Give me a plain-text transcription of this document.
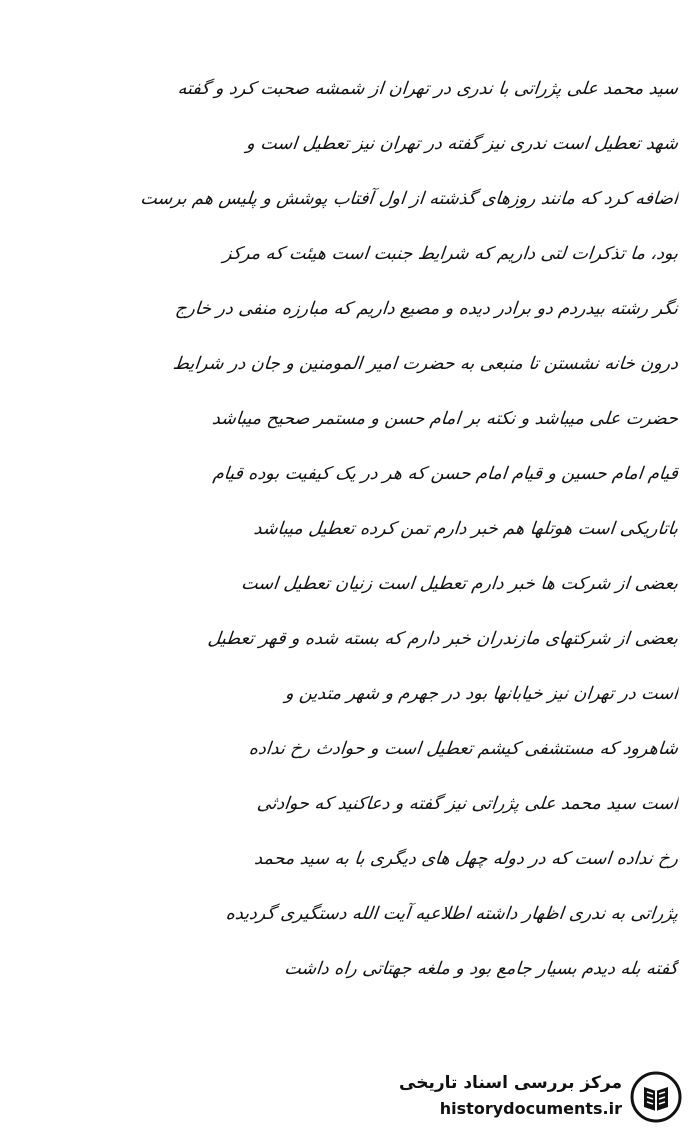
سید محمد علی پژراتی با ندری در تهران از شمشه صحبت کرد و گفته
شهد تعطیل است ندری نیز گفته در تهران نیز تعطیل است و
اضافه کرد که مانند روزهای گذشته از اول آفتاب پوشش و پلیس هم برست
بود، ما تذکرات لتی داریم که شرایط جنبت است هیئت که مرکز
نگر رشته بیدردم دو برادر دیده و مصیع داریم که مبارزه منفی در خارج
درون خانه نشستن تا منبعی به حضرت امیر المومنین و جان در شرایط
حضرت علی میباشد و نکته بر امام حسن و مستمر صحیح میباشد
قیام امام حسین و قیام امام حسن که هر در یک کیفیت بوده قیام
باتاریکی است هوتلها هم خبر دارم تمن کرده تعطیل میباشد
بعضی از شرکت ها خبر دارم تعطیل است زنیان تعطیل است
بعضی از شرکتهای مازندران خبر دارم که بسته شده و قهر تعطیل
است در تهران نیز خیابانها بود در جهرم و شهر متدین و
شاهرود که مستشفی کیشم تعطیل است و حوادث رخ نداده
است سید محمد علی پژراتی نیز گفته و دعاکنید که حوادثی
رخ نداده است که در دوله چهل های دیگری با به سید محمد
پژراتی به ندری اظهار داشته اطلاعیه آیت الله دستگیری گردیده
گفته بله دیدم بسیار جامع بود و ملغه جهتاتی راه داشت
مرکز بررسی اسناد تاریخی
historydocuments.ir
